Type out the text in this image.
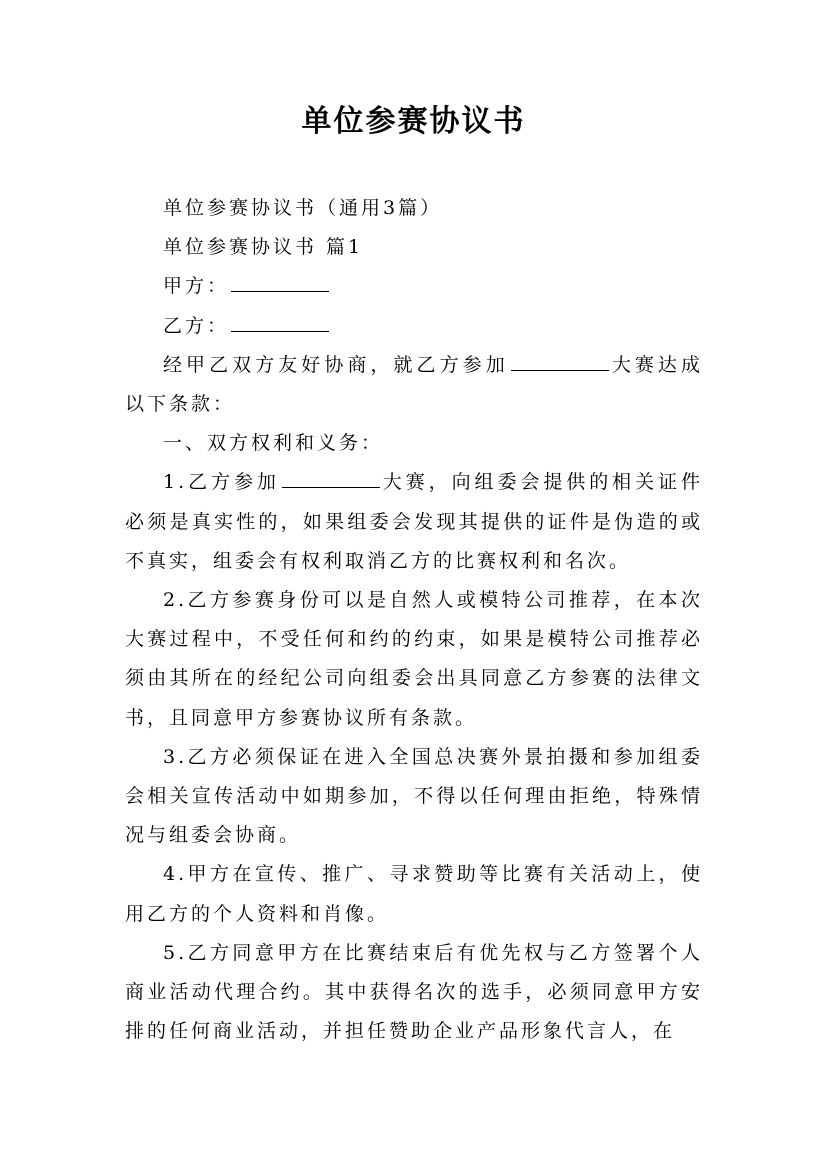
单位参赛协议书

单位参赛协议书（通用3篇）

单位参赛协议书 篇1

甲方：

乙方：

经甲乙双方友好协商，就乙方参加	大赛达成以下条款：

一、双方权利和义务：

1.乙方参加	大赛，向组委会提供的相关证件必须是真实性的，如果组委会发现其提供的证件是伪造的或不真实，组委会有权利取消乙方的比赛权利和名次。

2.乙方参赛身份可以是自然人或模特公司推荐，在本次大赛过程中，不受任何和约的约束，如果是模特公司推荐必须由其所在的经纪公司向组委会出具同意乙方参赛的法律文书，且同意甲方参赛协议所有条款。

3.乙方必须保证在进入全国总决赛外景拍摄和参加组委会相关宣传活动中如期参加，不得以任何理由拒绝，特殊情况与组委会协商。

4.甲方在宣传、推广、寻求赞助等比赛有关活动上，使用乙方的个人资料和肖像。

5.乙方同意甲方在比赛结束后有优先权与乙方签署个人商业活动代理合约。其中获得名次的选手，必须同意甲方安排的任何商业活动，并担任赞助企业产品形象代言人，在
